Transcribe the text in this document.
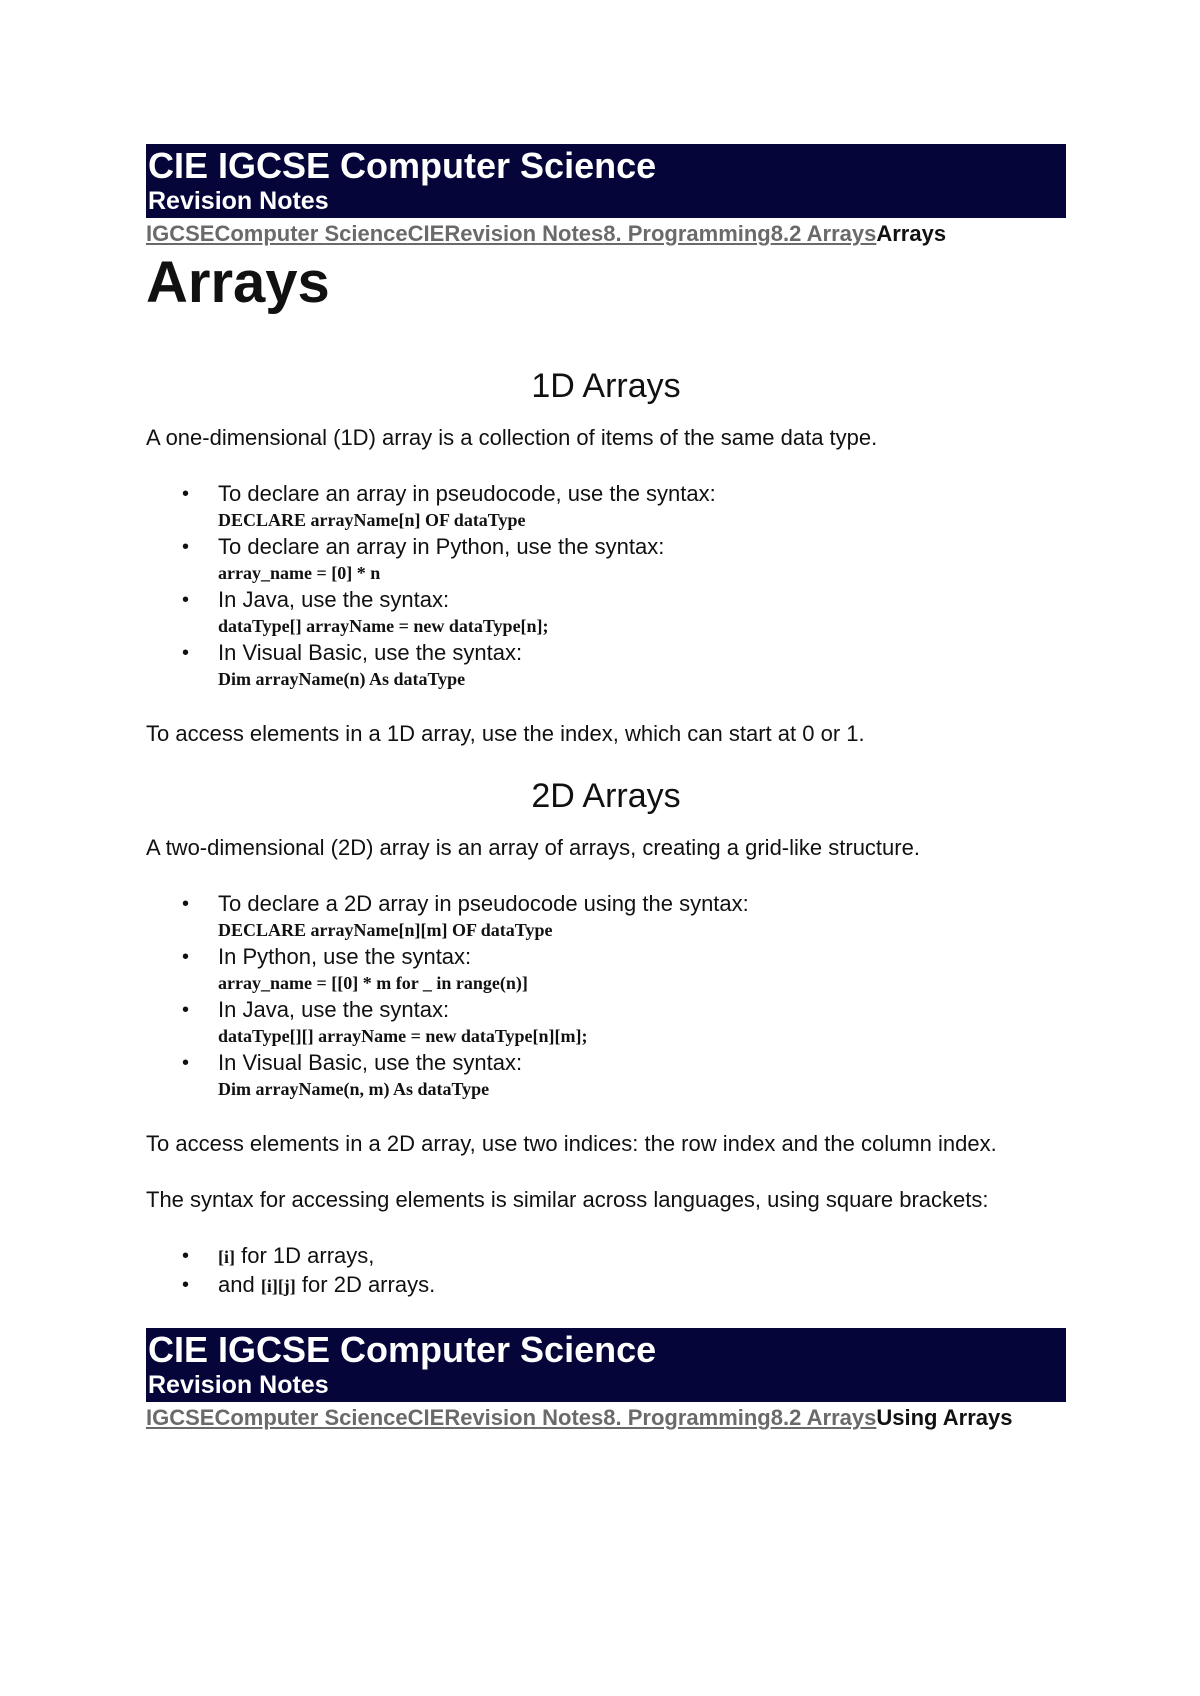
CIE IGCSE Computer Science
Revision Notes
IGCSEComputer ScienceCIERevision Notes8. Programming8.2 ArraysArrays
Arrays
1D Arrays

A one-dimensional (1D) array is a collection of items of the same data type.

• To declare an array in pseudocode, use the syntax:
DECLARE arrayName[n] OF dataType
• To declare an array in Python, use the syntax:
array_name = [0] * n
• In Java, use the syntax:
dataType[] arrayName = new dataType[n];
• In Visual Basic, use the syntax:
Dim arrayName(n) As dataType

To access elements in a 1D array, use the index, which can start at 0 or 1.

2D Arrays

A two-dimensional (2D) array is an array of arrays, creating a grid-like structure.

• To declare a 2D array in pseudocode using the syntax:
DECLARE arrayName[n][m] OF dataType
• In Python, use the syntax:
array_name = [[0] * m for _ in range(n)]
• In Java, use the syntax:
dataType[][] arrayName = new dataType[n][m];
• In Visual Basic, use the syntax:
Dim arrayName(n, m) As dataType

To access elements in a 2D array, use two indices: the row index and the column index.

The syntax for accessing elements is similar across languages, using square brackets:

• [i] for 1D arrays,
• and [i][j] for 2D arrays.
CIE IGCSE Computer Science
Revision Notes
IGCSEComputer ScienceCIERevision Notes8. Programming8.2 ArraysUsing Arrays
